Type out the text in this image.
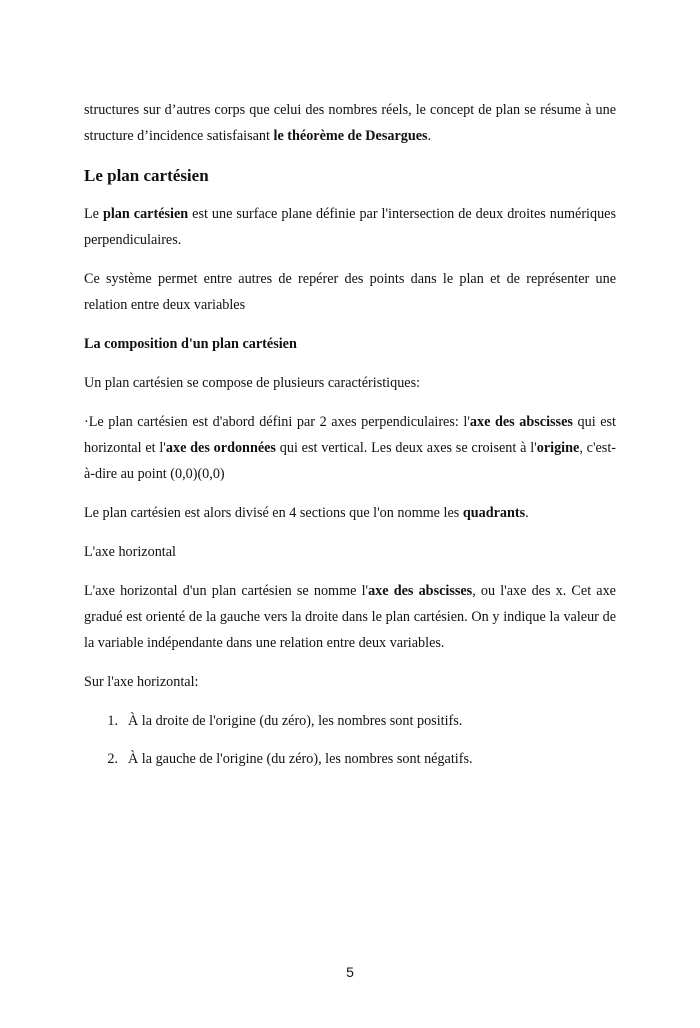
structures sur d’autres corps que celui des nombres réels, le concept de plan se résume à une structure d’incidence satisfaisant le théorème de Desargues.

Le plan cartésien

Le plan cartésien est une surface plane définie par l'intersection de deux droites numériques perpendiculaires.

Ce système permet entre autres de repérer des points dans le plan et de représenter une relation entre deux variables

La composition d'un plan cartésien

Un plan cartésien se compose de plusieurs caractéristiques:

·Le plan cartésien est d'abord défini par 2 axes perpendiculaires: l'axe des abscisses qui est horizontal et l'axe des ordonnées qui est vertical. Les deux axes se croisent à l'origine, c'est-à-dire au point (0,0)(0,0)

Le plan cartésien est alors divisé en 4 sections que l'on nomme les quadrants.

L'axe horizontal

L'axe horizontal d'un plan cartésien se nomme l'axe des abscisses, ou l'axe des x. Cet axe gradué est orienté de la gauche vers la droite dans le plan cartésien. On y indique la valeur de la variable indépendante dans une relation entre deux variables.

Sur l'axe horizontal:

1. À la droite de l'origine (du zéro), les nombres sont positifs.
2. À la gauche de l'origine (du zéro), les nombres sont négatifs.
5
